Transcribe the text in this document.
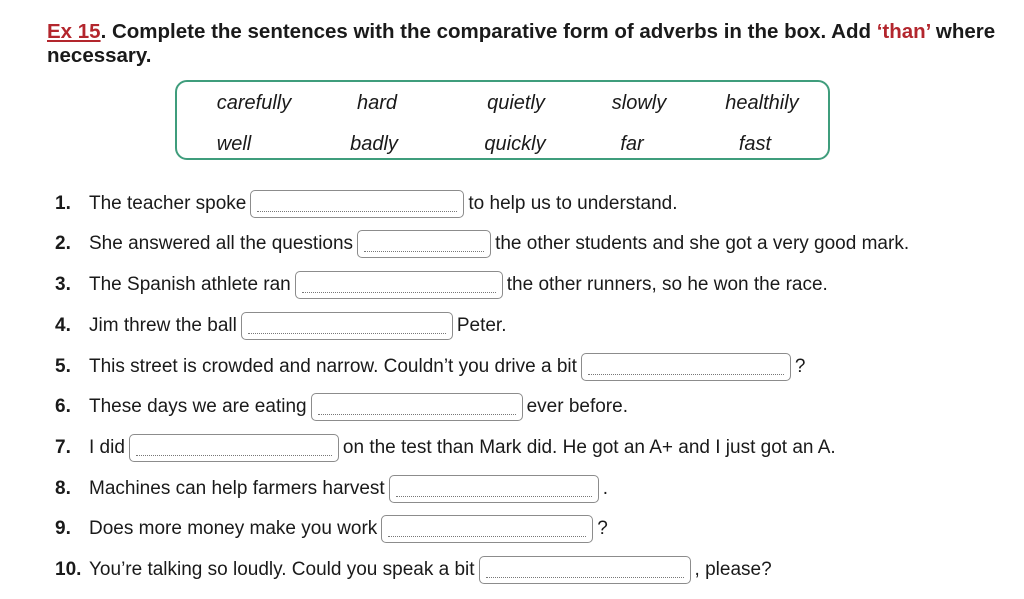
Ex 15. Complete the sentences with the comparative form of adverbs in the box. Add ‘than’ where necessary.
carefully	hard	quietly	slowly	healthily
well	badly	quickly	far	fast
1. The teacher spoke	to help us to understand.
2. She answered all the questions	the other students and she got a very good mark.
3. The Spanish athlete ran	the other runners, so he won the race.
4. Jim threw the ball	Peter.
5. This street is crowded and narrow. Couldn’t you drive a bit	?
6. These days we are eating	ever before.
7. I did	on the test than Mark did. He got an A+ and I just got an A.
8. Machines can help farmers harvest	.
9. Does more money make you work	?
10. You’re talking so loudly. Could you speak a bit	, please?
